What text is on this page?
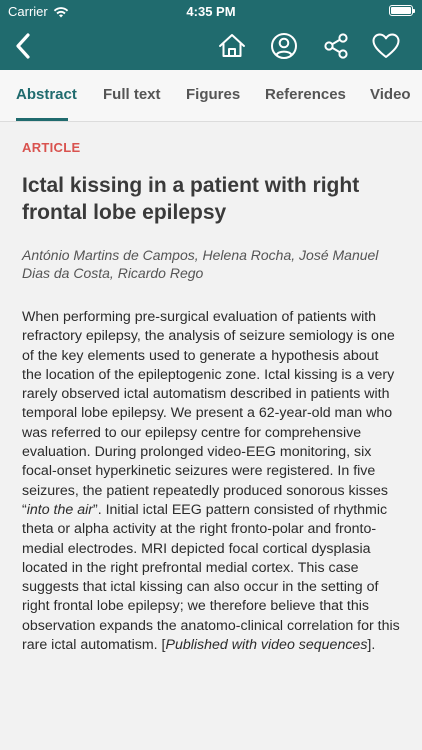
Carrier	4:35 PM
Abstract Full text Figures References Video
ARTICLE
Ictal kissing in a patient with right frontal lobe epilepsy
António Martins de Campos, Helena Rocha, José Manuel Dias da Costa, Ricardo Rego

When performing pre-surgical evaluation of patients with refractory epilepsy, the analysis of seizure semiology is one of the key elements used to generate a hypothesis about the location of the epileptogenic zone. Ictal kissing is a very rarely observed ictal automatism described in patients with temporal lobe epilepsy. We present a 62-year-old man who was referred to our epilepsy centre for comprehensive evaluation. During prolonged video-EEG monitoring, six focal-onset hyperkinetic seizures were registered. In five seizures, the patient repeatedly produced sonorous kisses “into the air”. Initial ictal EEG pattern consisted of rhythmic theta or alpha activity at the right fronto-polar and fronto-medial electrodes. MRI depicted focal cortical dysplasia located in the right prefrontal medial cortex. This case suggests that ictal kissing can also occur in the setting of right frontal lobe epilepsy; we therefore believe that this observation expands the anatomo-clinical correlation for this rare ictal automatism. [Published with video sequences].
